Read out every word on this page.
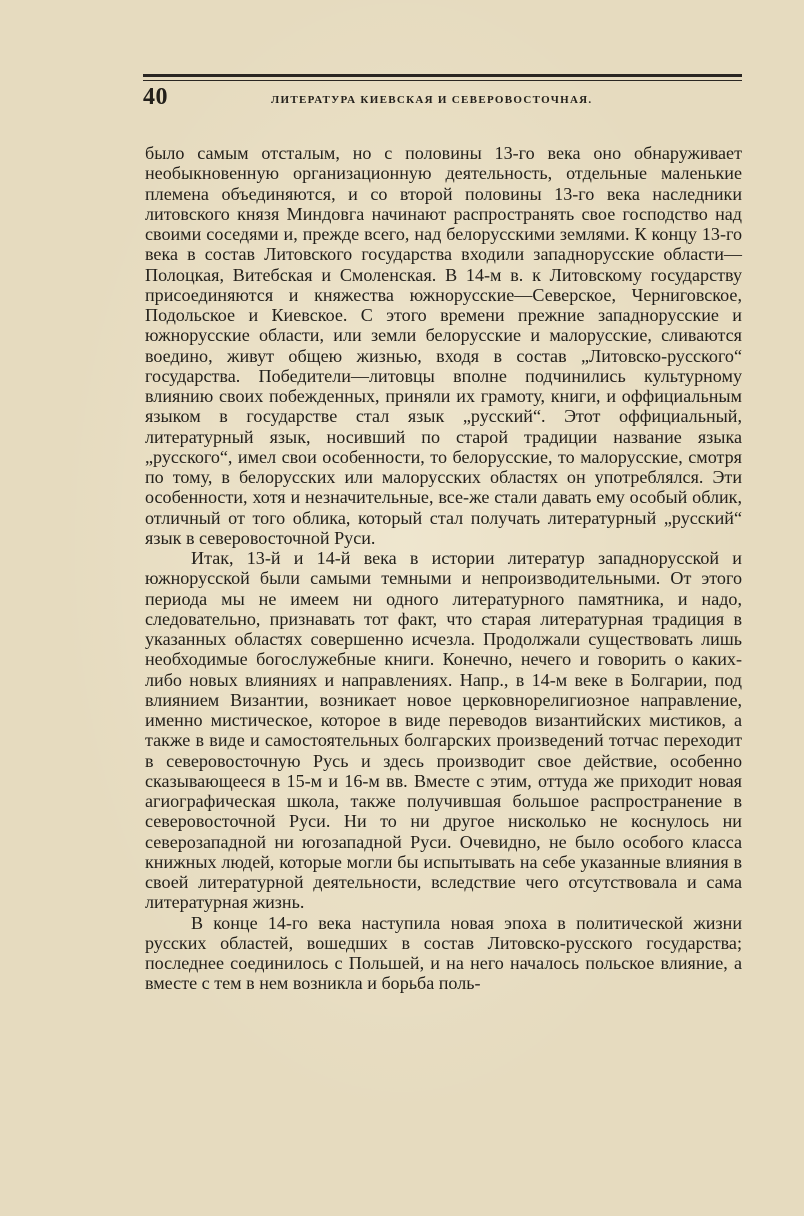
40	ЛИТЕРАТУРА КИЕВСКАЯ И СЕВЕРОВОСТОЧНАЯ.

было самым отсталым, но с половины 13-го века оно обнаруживает необыкновенную организационную деятельность, отдельные маленькие племена объединяются, и со второй половины 13-го века наследники литовского князя Миндовга начинают распространять свое господство над своими соседями и, прежде всего, над белорусскими землями. К концу 13-го века в состав Литовского государства входили западнорусские области—Полоцкая, Витебская и Смоленская. В 14-м в. к Литовскому государству присоединяются и княжества южнорусские—Северское, Черниговское, Подольское и Киевское. С этого времени прежние западнорусские и южнорусские области, или земли белорусские и малорусские, сливаются воедино, живут общею жизнью, входя в состав „Литовско-русского“ государства. Победители—литовцы вполне подчинились культурному влиянию своих побежденных, приняли их грамоту, книги, и оффициальным языком в государстве стал язык „русский“. Этот оффициальный, литературный язык, носивший по старой традиции название языка „русского“, имел свои особенности, то белорусские, то малорусские, смотря по тому, в белорусских или малорусских областях он употреблялся. Эти особенности, хотя и незначительные, все-же стали давать ему особый облик, отличный от того облика, который стал получать литературный „русский“ язык в северовосточной Руси.

Итак, 13-й и 14-й века в истории литератур западнорусской и южнорусской были самыми темными и непроизводительными. От этого периода мы не имеем ни одного литературного памятника, и надо, следовательно, признавать тот факт, что старая литературная традиция в указанных областях совершенно исчезла. Продолжали существовать лишь необходимые богослужебные книги. Конечно, нечего и говорить о каких-либо новых влияниях и направлениях. Напр., в 14-м веке в Болгарии, под влиянием Византии, возникает новое церковнорелигиозное направление, именно мистическое, которое в виде переводов византийских мистиков, а также в виде и самостоятельных болгарских произведений тотчас переходит в северовосточную Русь и здесь производит свое действие, особенно сказывающееся в 15-м и 16-м вв. Вместе с этим, оттуда же приходит новая агиографическая школа, также получившая большое распространение в северовосточной Руси. Ни то ни другое нисколько не коснулось ни северозападной ни югозападной Руси. Очевидно, не было особого класса книжных людей, которые могли бы испытывать на себе указанные влияния в своей литературной деятельности, вследствие чего отсутствовала и сама литературная жизнь.

В конце 14-го века наступила новая эпоха в политической жизни русских областей, вошедших в состав Литовско-русского государства; последнее соединилось с Польшей, и на него началось польское влияние, а вместе с тем в нем возникла и борьба поль-
